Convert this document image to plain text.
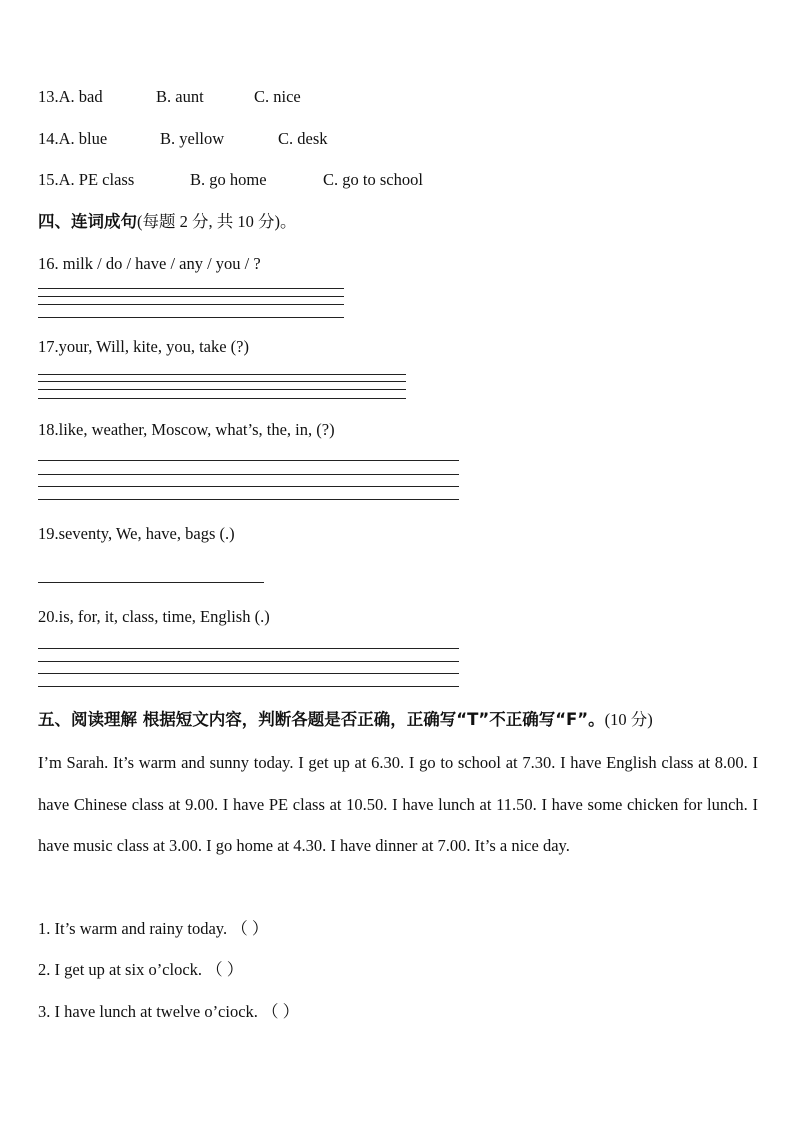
13.A. bad	B. aunt	C. nice
14.A. blue	B. yellow	C. desk
15.A. PE class	B. go home	C. go to school
四、连词成句(每题 2 分, 共 10 分)。
16. milk / do / have / any / you / ?
17.your, Will, kite, you, take (?)
18.like, weather, Moscow, what’s, the, in, (?)
19.seventy, We, have, bags (.)
20.is, for, it, class, time, English (.)
五、阅读理解 根据短文内容，判断各题是否正确，正确写“T”不正确写“F”。(10 分)
I’m Sarah. It’s warm and sunny today. I get up at 6.30. I go to school at 7.30. I have English class at 8.00. I have Chinese class at 9.00. I have PE class at 10.50. I have lunch at 11.50. I have some chicken for lunch. I have music class at 3.00. I go home at 4.30. I have dinner at 7.00. It’s a nice day.
1. It’s warm and rainy today. （ ）
2. I get up at six o’clock. （ ）
3. I have lunch at twelve o’ciock. （ ）
